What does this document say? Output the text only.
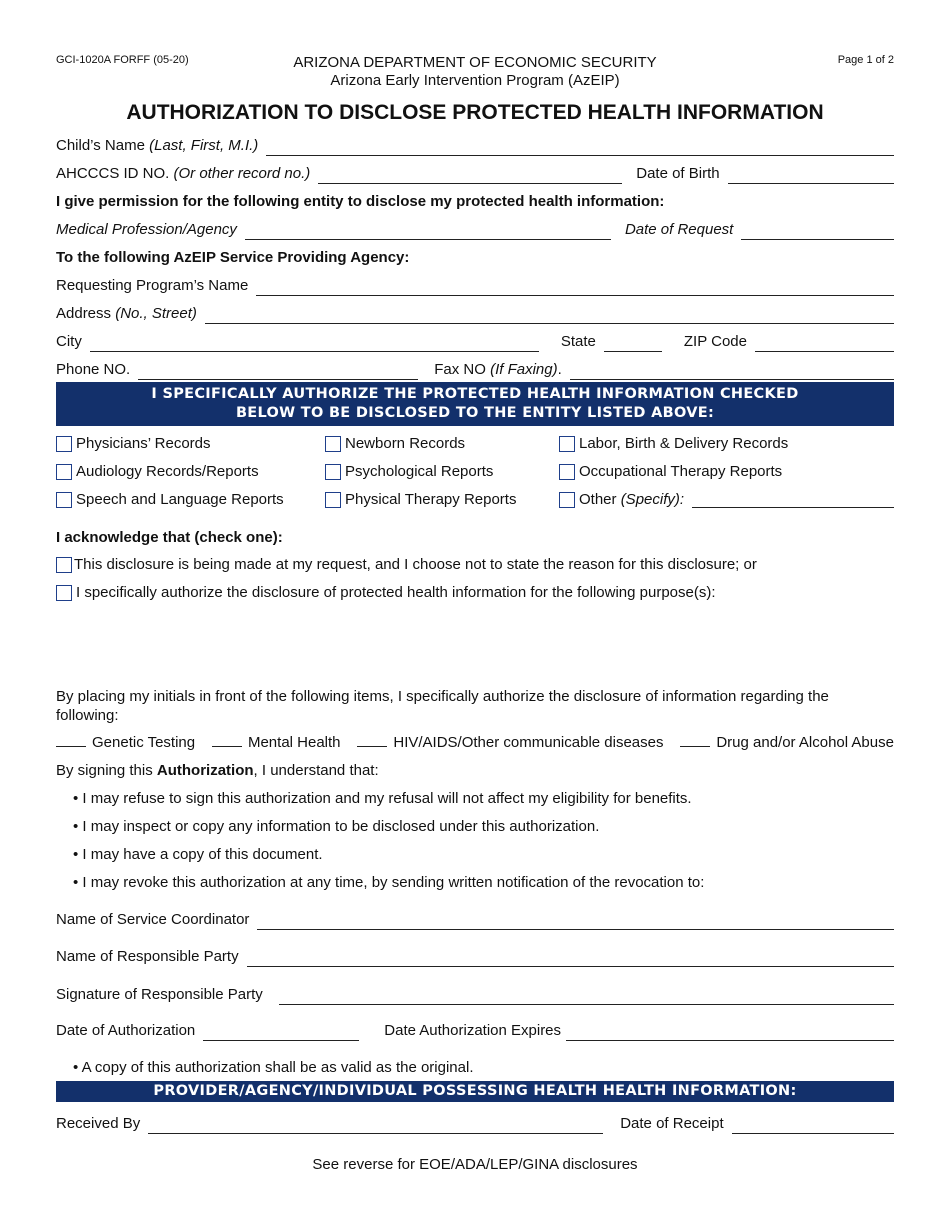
GCI-1020A FORFF (05-20)	Page 1 of 2
ARIZONA DEPARTMENT OF ECONOMIC SECURITY
Arizona Early Intervention Program (AzEIP)
AUTHORIZATION TO DISCLOSE PROTECTED HEALTH INFORMATION
Child’s Name
(Last, First, M.I.)
AHCCCS ID NO.
(Or other record no.)	Date of Birth
I give permission for the following entity to disclose my protected health information:
Medical Profession/Agency	Date of Request
To the following AzEIP Service Providing Agency:
Requesting Program’s Name
Address
(No., Street)
City	State	ZIP Code
Phone NO.	Fax NO
(If Faxing) .
I SPECIFICALLY AUTHORIZE THE PROTECTED HEALTH INFORMATION CHECKED
BELOW TO BE DISCLOSED TO THE ENTITY LISTED ABOVE:
Physicians’ Records	Newborn Records	Labor, Birth & Delivery Records
Audiology Records/Reports	Psychological Reports	Occupational Therapy Reports
Speech and Language Reports	Physical Therapy Reports	Other
(Specify):
I acknowledge that (check one):
This disclosure is being made at my request, and I choose not to state the reason for this disclosure; or
I specifically authorize the disclosure of protected health information for the following purpose(s):
By placing my initials in front of the following items, I specifically authorize the disclosure of information regarding the following:
Genetic Testing	Mental Health	HIV/AIDS/Other communicable diseases	Drug and/or Alcohol Abuse
By signing this Authorization , I understand that:
• I may refuse to sign this authorization and my refusal will not affect my eligibility for benefits.
• I may inspect or copy any information to be disclosed under this authorization.
• I may have a copy of this document.
• I may revoke this authorization at any time, by sending written notification of the revocation to:
Name of Service Coordinator
Name of Responsible Party
Signature of Responsible Party
Date of Authorization	Date Authorization Expires
• A copy of this authorization shall be as valid as the original.
PROVIDER/AGENCY/INDIVIDUAL POSSESSING HEALTH HEALTH INFORMATION:
Received By	Date of Receipt
See reverse for EOE/ADA/LEP/GINA disclosures
